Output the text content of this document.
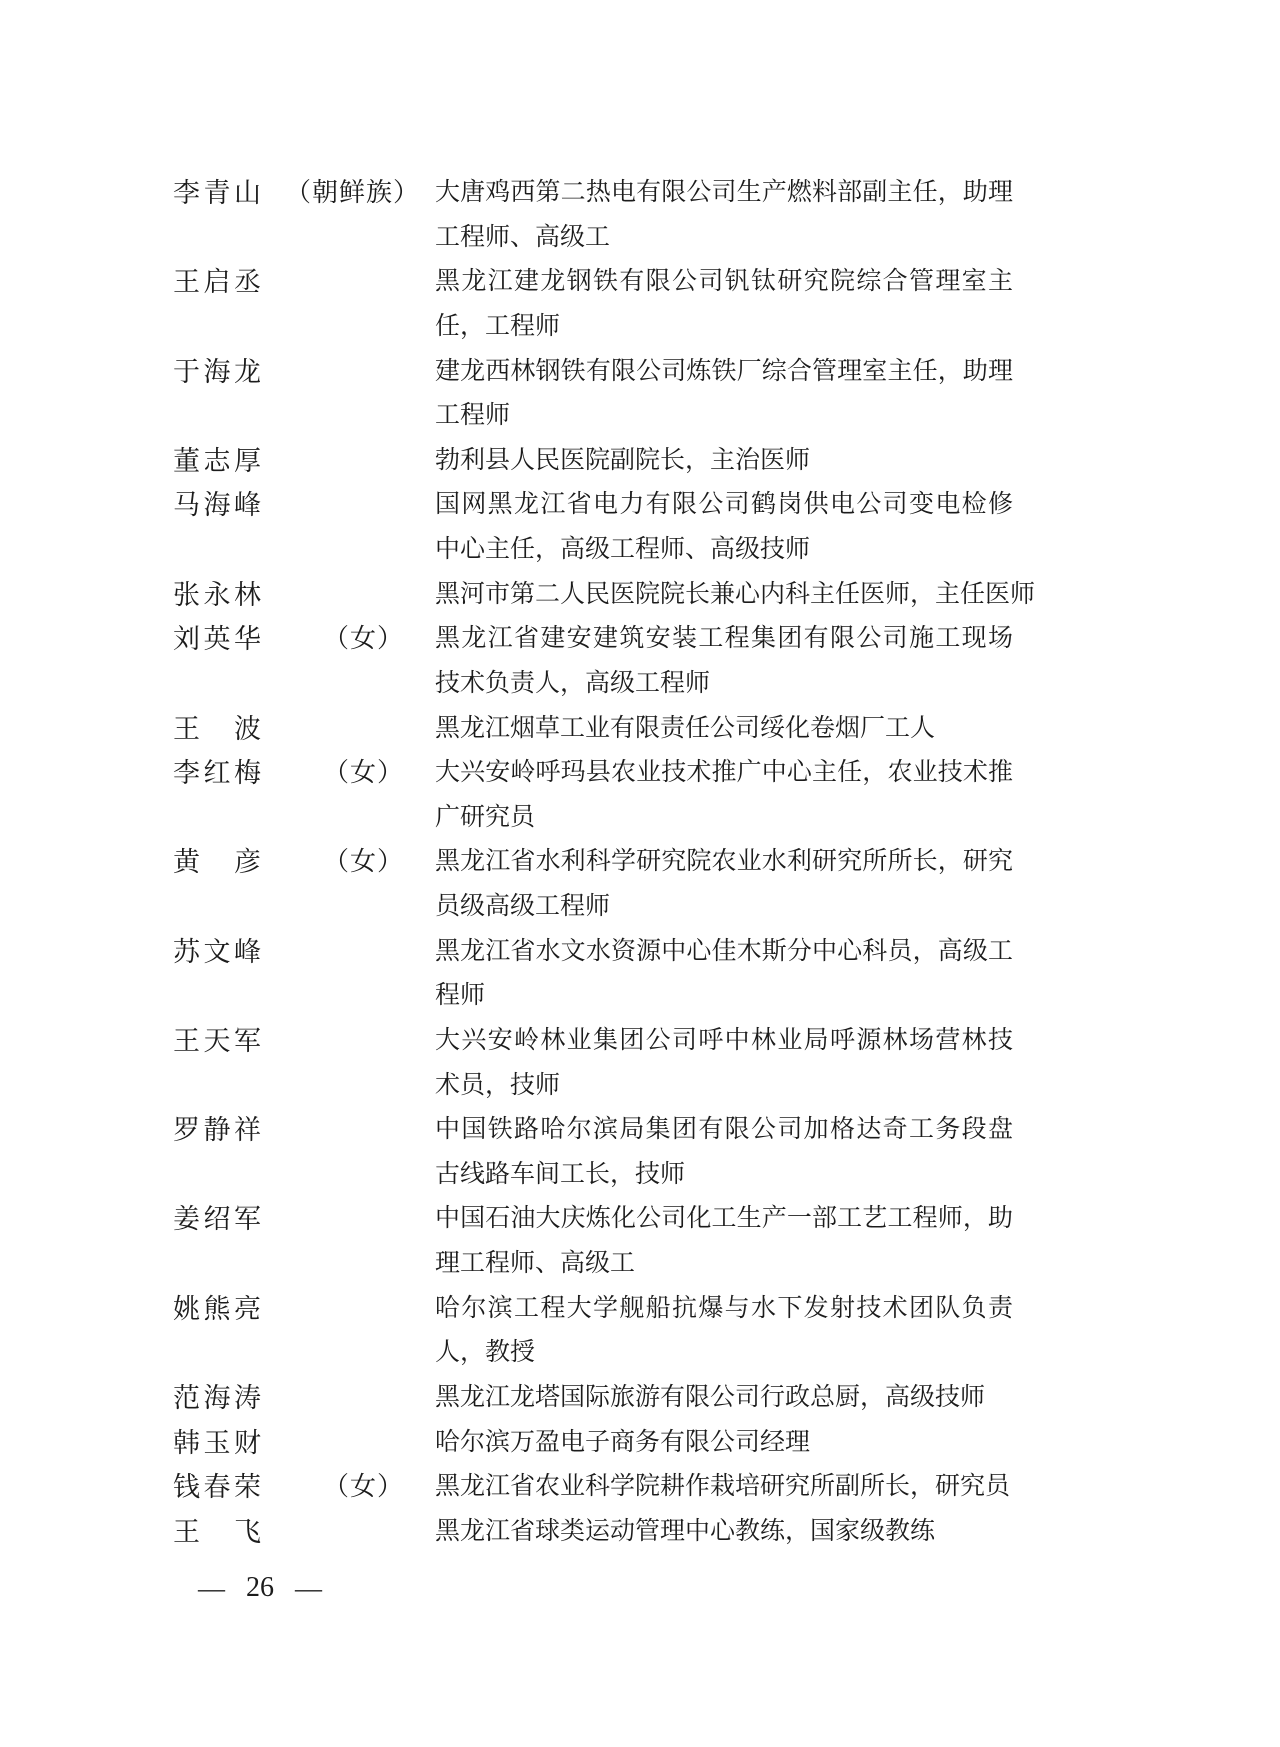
李青山 （朝鲜族） 大唐鸡西第二热电有限公司生产燃料部副主任，助理
工程师、高级工
王启丞	黑龙江建龙钢铁有限公司钒钛研究院综合管理室主
任，工程师
于海龙	建龙西林钢铁有限公司炼铁厂综合管理室主任，助理
工程师
董志厚	勃利县人民医院副院长，主治医师
马海峰	国网黑龙江省电力有限公司鹤岗供电公司变电检修
中心主任，高级工程师、高级技师
张永林	黑河市第二人民医院院长兼心内科主任医师，主任医师
刘英华	（女）	黑龙江省建安建筑安装工程集团有限公司施工现场
技术负责人，高级工程师
王波	黑龙江烟草工业有限责任公司绥化卷烟厂工人
李红梅	（女）	大兴安岭呼玛县农业技术推广中心主任，农业技术推
广研究员
黄彦	（女）	黑龙江省水利科学研究院农业水利研究所所长，研究
员级高级工程师
苏文峰	黑龙江省水文水资源中心佳木斯分中心科员，高级工
程师
王天军	大兴安岭林业集团公司呼中林业局呼源林场营林技
术员，技师
罗静祥	中国铁路哈尔滨局集团有限公司加格达奇工务段盘
古线路车间工长，技师
姜绍军	中国石油大庆炼化公司化工生产一部工艺工程师，助
理工程师、高级工
姚熊亮	哈尔滨工程大学舰船抗爆与水下发射技术团队负责
人，教授
范海涛	黑龙江龙塔国际旅游有限公司行政总厨，高级技师
韩玉财	哈尔滨万盈电子商务有限公司经理
钱春荣	（女）	黑龙江省农业科学院耕作栽培研究所副所长，研究员
王飞	黑龙江省球类运动管理中心教练，国家级教练
— 26 —
